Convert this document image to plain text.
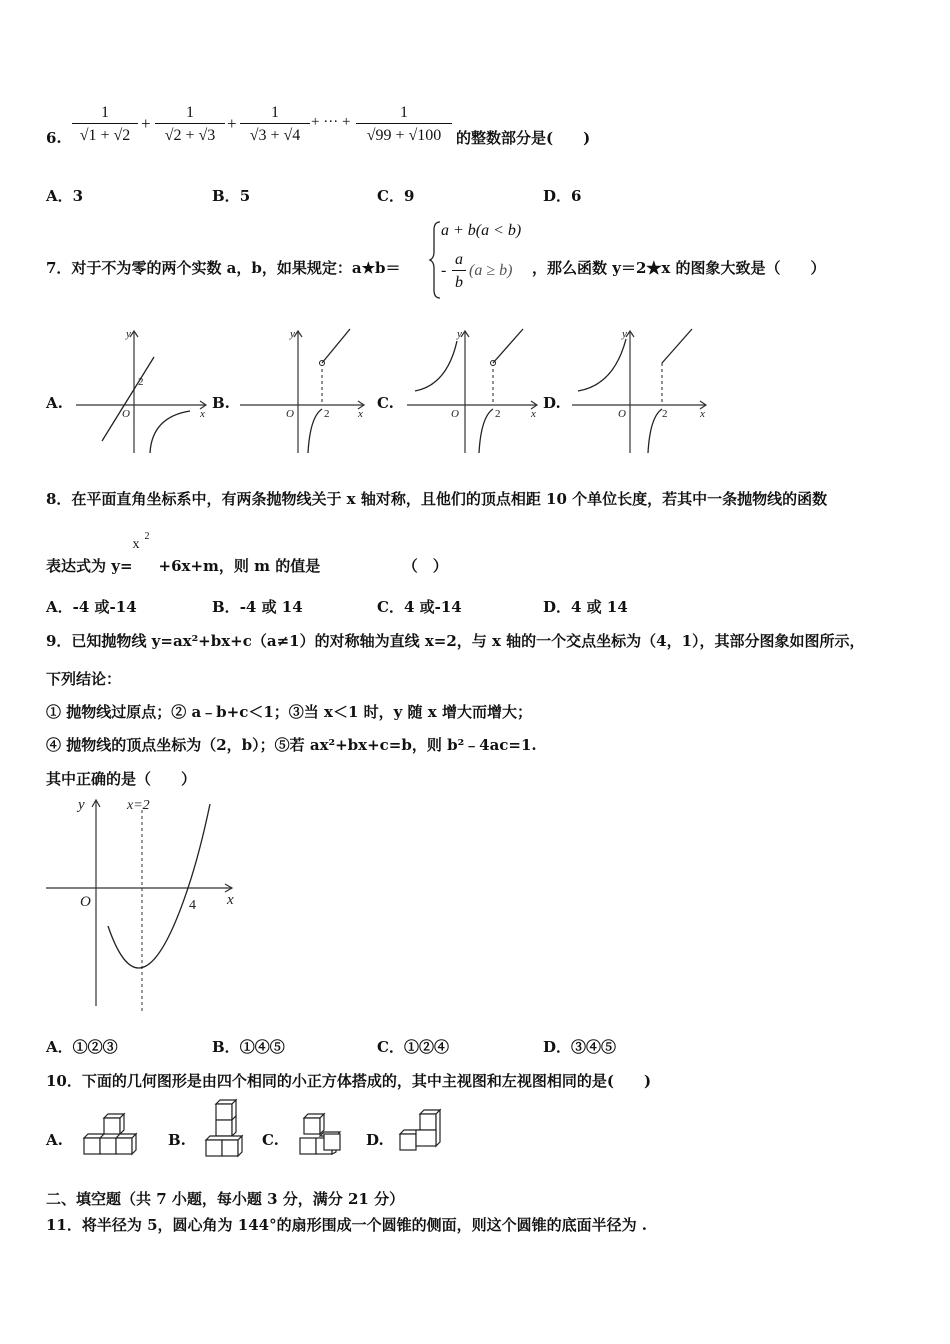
6. $\frac{1}{√1 + √2} + \frac{1}{√2 + √3} + \frac{1}{√3 + √4}$ + ··· + $\frac{1}{√99 + √100}$ 的整数部分是(　　)
A．3	B．5	C．9	D．6
7．对于不为零的两个实数 a，b，如果规定：a★b＝
a + b(a < b)
- $\frac{a}{b} (a \ge b)$ ，那么函数 y＝2★x 的图象大致是（　　）
A.
y
x
O
2
B.
y
x
O	2
C.
y
x
O	2
D.
y
x
O	2
8．在平面直角坐标系中，有两条抛物线关于 x 轴对称，且他们的顶点相距 10 个单位长度，若其中一条抛物线的函数
表达式为 y=
x
2
+6x+m，则 m 的值是　　　　　　（　）
A．-4 或-14	B．-4 或 14	C．4 或-14	D．4 或 14
9．已知抛物线 y=ax²+bx+c（a≠1）的对称轴为直线 x=2，与 x 轴的一个交点坐标为（4，1），其部分图象如图所示，
下列结论：
① 抛物线过原点；② a﹣b+c＜1；③当 x＜1 时，y 随 x 增大而增大；
④ 抛物线的顶点坐标为（2，b）；⑤若 ax²+bx+c=b，则 b²﹣4ac=1.
其中正确的是（　　）
y
x
O	4
x=2
A．①②③	B．①④⑤	C．①②④	D．③④⑤
10．下面的几何图形是由四个相同的小正方体搭成的，其中主视图和左视图相同的是(　　)
A.	B.	C.	D.
二、填空题（共 7 小题，每小题 3 分，满分 21 分）
11．将半径为 5，圆心角为 144°的扇形围成一个圆锥的侧面，则这个圆锥的底面半径为 .
